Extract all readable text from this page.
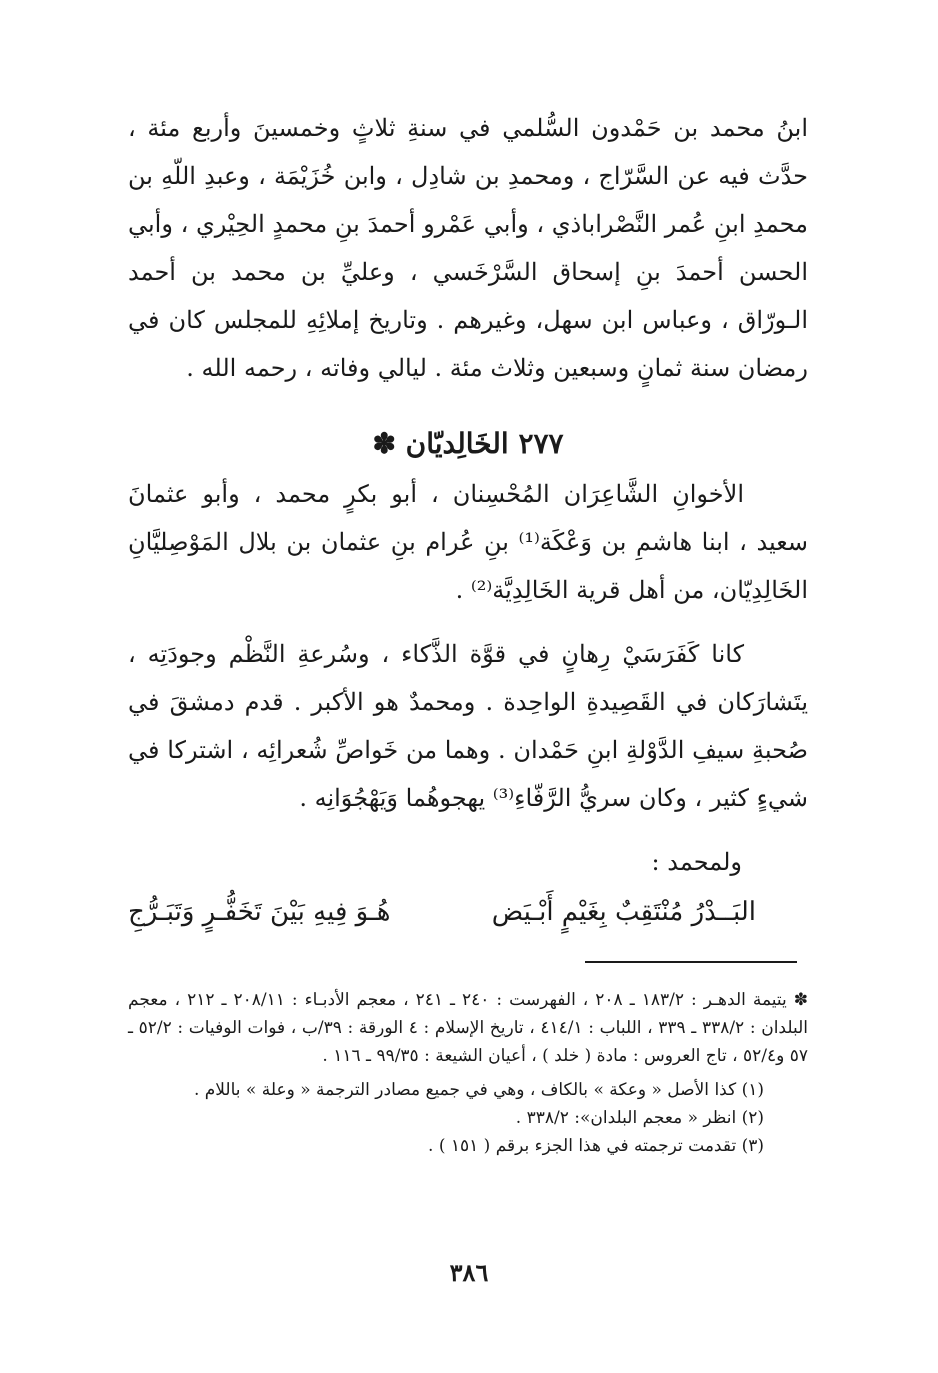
ابنُ محمد بن حَمْدون السُّلمي في سنةِ ثلاثٍ وخمسينَ وأربع مئة ، حدَّث فيه عن السَّرّاج ، ومحمدِ بن شادِل ، وابن خُزَيْمَة ، وعبدِ اللّهِ بن محمدِ ابنِ عُمر النَّصْراباذي ، وأبي عَمْرو أحمدَ بنِ محمدٍ الحِيْري ، وأبي الحسن أحمدَ بنِ إسحاق السَّرْخَسي ، وعليِّ بن محمد بن أحمد الـورّاق ، وعباس ابن سهل، وغيرهم . وتاريخ إملائِهِ للمجلس كان في رمضان سنة ثمانٍ وسبعين وثلاث مئة . ليالي وفاته ، رحمه الله .

٢٧٧ الخَالِديّان ✽

الأخوانِ الشَّاعِرَان المُحْسِنان ، أبو بكرٍ محمد ، وأبو عثمانَ سعيد ، ابنا هاشمِ بن وَعْكَة⁽¹⁾ بنِ عُرام بنِ عثمان بن بلال المَوْصِليَّانِ الخَالِدِيّان، من أهل قرية الخَالِدِيَّة⁽²⁾ .

كانا كَفَرَسَيْ رِهانٍ في قوَّة الذَّكاء ، وسُرعةِ النَّظْم وجودَتِه ، يتَشارَكان في القَصِيدةِ الواحِدة . ومحمدٌ هو الأكبر . قدم دمشقَ في صُحبةِ سيفِ الدَّوْلةِ ابنِ حَمْدان . وهما من خَواصِّ شُعرائِه ، اشتركا في شيءٍ كثير ، وكان سريُّ الرَّفّاءِ⁽³⁾ يهجوهُما وَيَهْجُوَانِه .

ولمحمد :
البَــدْرُ مُنْتَقِبٌ بِغَيْمٍ أَبْـيَض
هُـوَ فِيهِ بَيْنَ تَخَفُّـرٍ وَتَبَـرُّجِ

✽ يتيمة الدهـر : ١٨٣/٢ ـ ٢٠٨ ، الفهرست : ٢٤٠ ـ ٢٤١ ، معجم الأدبـاء : ٢٠٨/١١ ـ ٢١٢ ، معجم البلدان : ٣٣٨/٢ ـ ٣٣٩ ، اللباب : ٤١٤/١ ، تاريخ الإسلام : ٤ الورقة : ٣٩/ب ، فوات الوفيات : ٥٢/٢ ـ ٥٧ و٥٢/٤ ، تاج العروس : مادة ( خلد ) ، أعيان الشيعة : ٩٩/٣٥ ـ ١١٦ .

(١) كذا الأصل « وعكة » بالكاف ، وهي في جميع مصادر الترجمة « وعلة » باللام .

(٢) انظر « معجم البلدان»: ٣٣٨/٢ .

(٣) تقدمت ترجمته في هذا الجزء برقم ( ١٥١ ) .

٣٨٦
